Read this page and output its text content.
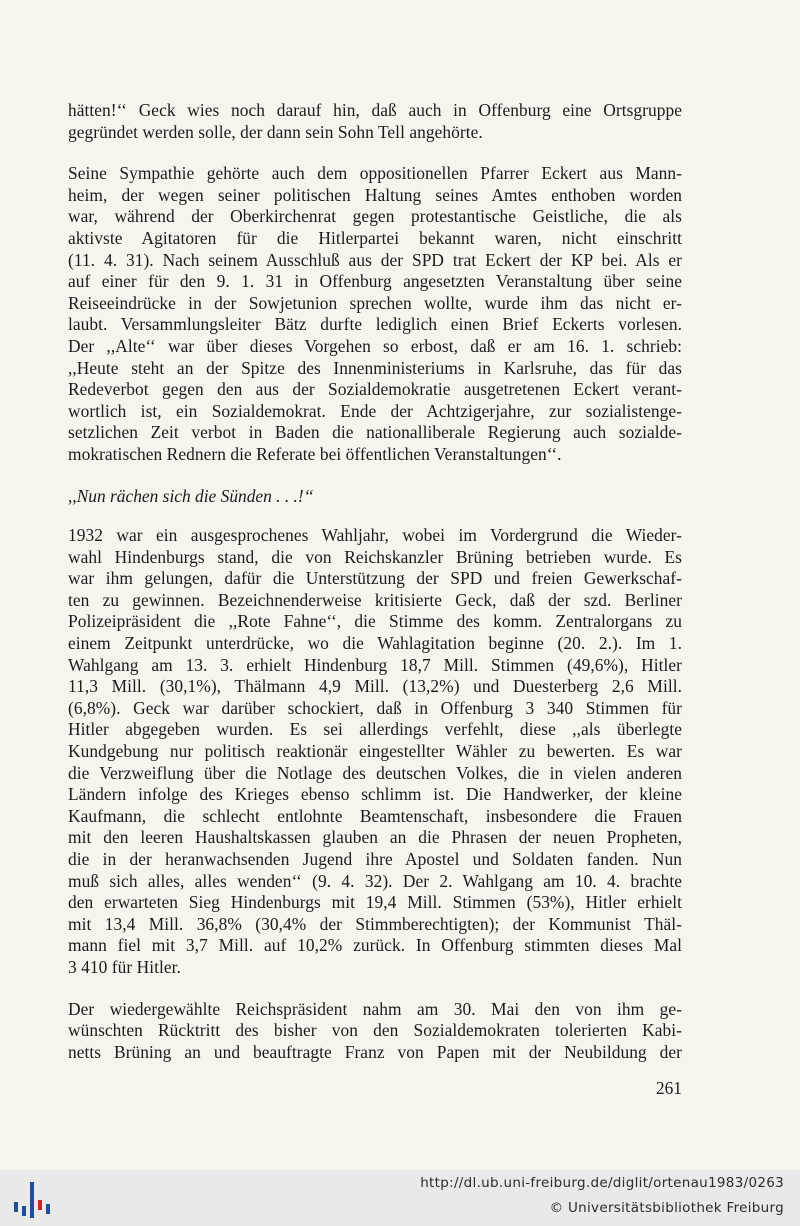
hätten!‘‘ Geck wies noch darauf hin, daß auch in Offenburg eine Ortsgruppe
gegründet werden solle, der dann sein Sohn Tell angehörte.

Seine Sympathie gehörte auch dem oppositionellen Pfarrer Eckert aus Mann-
heim, der wegen seiner politischen Haltung seines Amtes enthoben worden
war, während der Oberkirchenrat gegen protestantische Geistliche, die als
aktivste Agitatoren für die Hitlerpartei bekannt waren, nicht einschritt
(11. 4. 31). Nach seinem Ausschluß aus der SPD trat Eckert der KP bei. Als er
auf einer für den 9. 1. 31 in Offenburg angesetzten Veranstaltung über seine
Reiseeindrücke in der Sowjetunion sprechen wollte, wurde ihm das nicht er-
laubt. Versammlungsleiter Bätz durfte lediglich einen Brief Eckerts vorlesen.
Der ,,Alte‘‘ war über dieses Vorgehen so erbost, daß er am 16. 1. schrieb:
,,Heute steht an der Spitze des Innenministeriums in Karlsruhe, das für das
Redeverbot gegen den aus der Sozialdemokratie ausgetretenen Eckert verant-
wortlich ist, ein Sozialdemokrat. Ende der Achtzigerjahre, zur sozialistenge-
setzlichen Zeit verbot in Baden die nationalliberale Regierung auch sozialde-
mokratischen Rednern die Referate bei öffentlichen Veranstaltungen‘‘.

,,Nun rächen sich die Sünden . . .!‘‘

1932 war ein ausgesprochenes Wahljahr, wobei im Vordergrund die Wieder-
wahl Hindenburgs stand, die von Reichskanzler Brüning betrieben wurde. Es
war ihm gelungen, dafür die Unterstützung der SPD und freien Gewerkschaf-
ten zu gewinnen. Bezeichnenderweise kritisierte Geck, daß der szd. Berliner
Polizeipräsident die ,,Rote Fahne‘‘, die Stimme des komm. Zentralorgans zu
einem Zeitpunkt unterdrücke, wo die Wahlagitation beginne (20. 2.). Im 1.
Wahlgang am 13. 3. erhielt Hindenburg 18,7 Mill. Stimmen (49,6%), Hitler
11,3 Mill. (30,1%), Thälmann 4,9 Mill. (13,2%) und Duesterberg 2,6 Mill.
(6,8%). Geck war darüber schockiert, daß in Offenburg 3 340 Stimmen für
Hitler abgegeben wurden. Es sei allerdings verfehlt, diese ,,als überlegte
Kundgebung nur politisch reaktionär eingestellter Wähler zu bewerten. Es war
die Verzweiflung über die Notlage des deutschen Volkes, die in vielen anderen
Ländern infolge des Krieges ebenso schlimm ist. Die Handwerker, der kleine
Kaufmann, die schlecht entlohnte Beamtenschaft, insbesondere die Frauen
mit den leeren Haushaltskassen glauben an die Phrasen der neuen Propheten,
die in der heranwachsenden Jugend ihre Apostel und Soldaten fanden. Nun
muß sich alles, alles wenden‘‘ (9. 4. 32). Der 2. Wahlgang am 10. 4. brachte
den erwarteten Sieg Hindenburgs mit 19,4 Mill. Stimmen (53%), Hitler erhielt
mit 13,4 Mill. 36,8% (30,4% der Stimmberechtigten); der Kommunist Thäl-
mann fiel mit 3,7 Mill. auf 10,2% zurück. In Offenburg stimmten dieses Mal
3 410 für Hitler.

Der wiedergewählte Reichspräsident nahm am 30. Mai den von ihm ge-
wünschten Rücktritt des bisher von den Sozialdemokraten tolerierten Kabi-
netts Brüning an und beauftragte Franz von Papen mit der Neubildung der

261
http://dl.ub.uni-freiburg.de/diglit/ortenau1983/0263
© Universitätsbibliothek Freiburg
